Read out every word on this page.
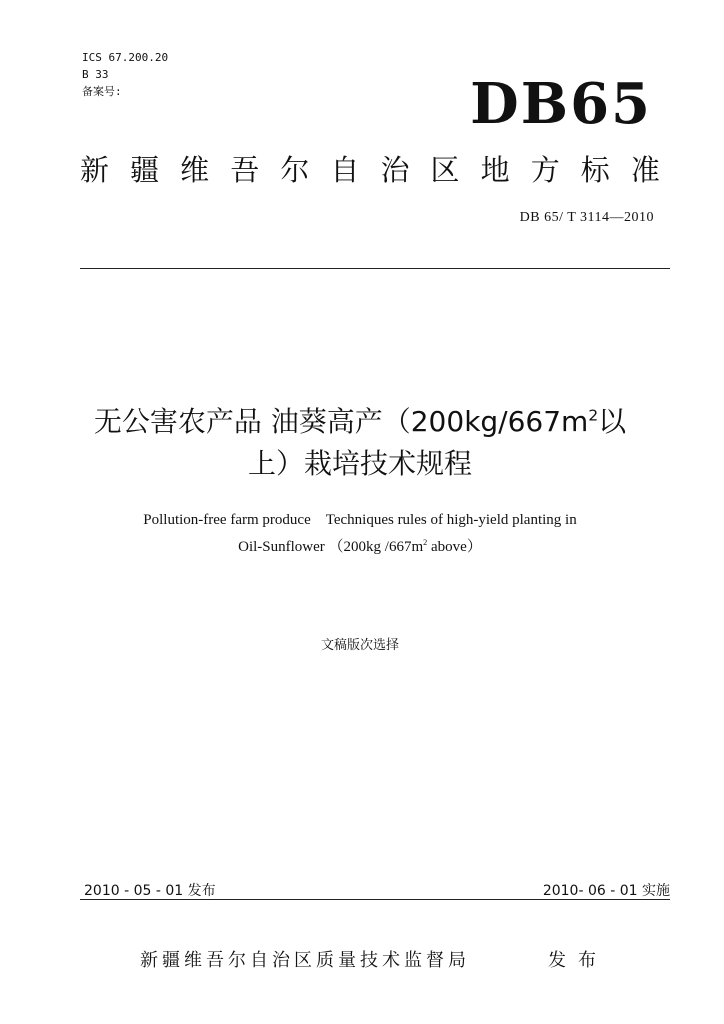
ICS 67.200.20
B 33
备案号:	DB65
新 疆 维 吾 尔 自 治 区 地 方 标 准
DB 65/ T 3114—2010
无公害农产品 油葵高产（$200kg/667m^2$以
上）栽培技术规程
Pollution-free farm produce　Techniques rules of high-yield planting in
Oil-Sunflower （200kg $/667m^2$ above）
文稿版次选择
2010 - 05 - 01 发布	2010- 06 - 01 实施
新疆维吾尔自治区质量技术监督局	发布
